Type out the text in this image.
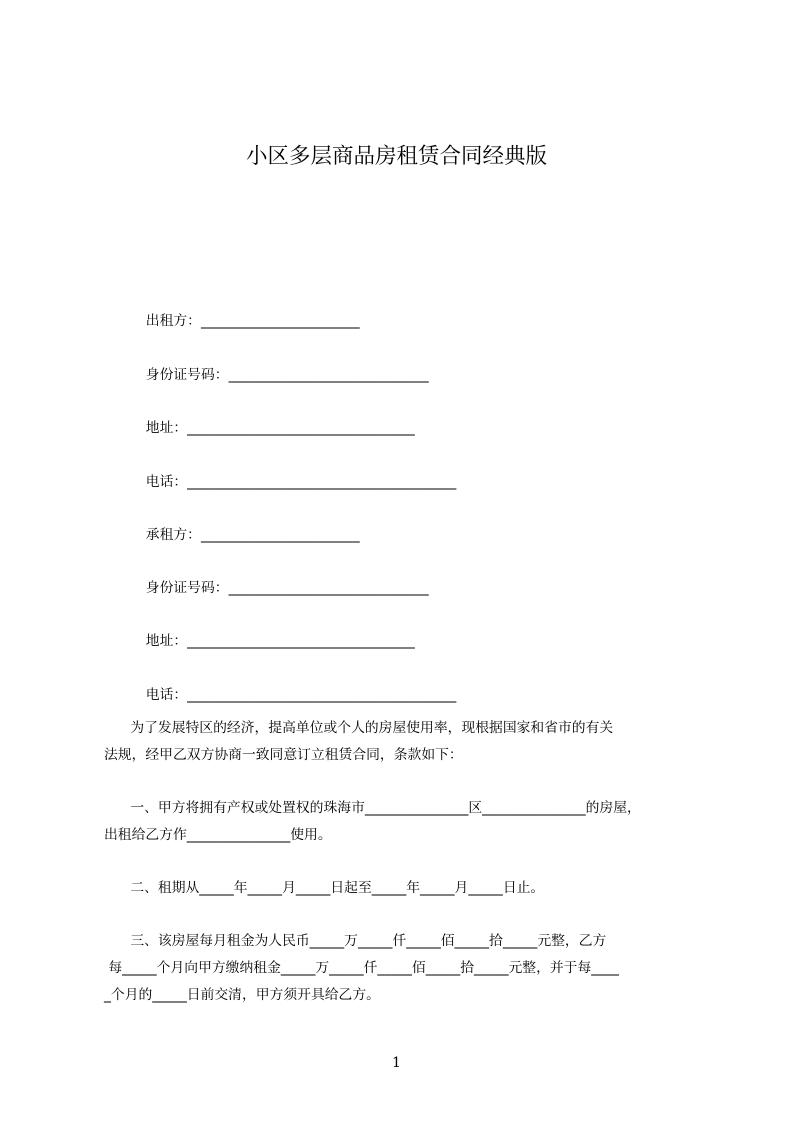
小区多层商品房租赁合同经典版

出租方：_______________________

身份证号码：_____________________________

地址：_________________________________

电话：_______________________________________

承租方：_______________________

身份证号码：_____________________________

地址：_________________________________

电话：_______________________________________

为了发展特区的经济，提高单位或个人的房屋使用率，现根据国家和省市的有关
法规，经甲乙双方协商一致同意订立租赁合同，条款如下：
一、甲方将拥有产权或处置权的珠海市_______________区_______________的房屋，
出租给乙方作_______________使用。
二、租期从_____年_____月_____日起至_____年_____月_____日止。
三、该房屋每月租金为人民币_____万_____仟_____佰_____拾_____元整，乙方
每_____个月向甲方缴纳租金_____万_____仟_____佰_____拾_____元整，并于每____
_个月的_____日前交清，甲方须开具给乙方。
1
